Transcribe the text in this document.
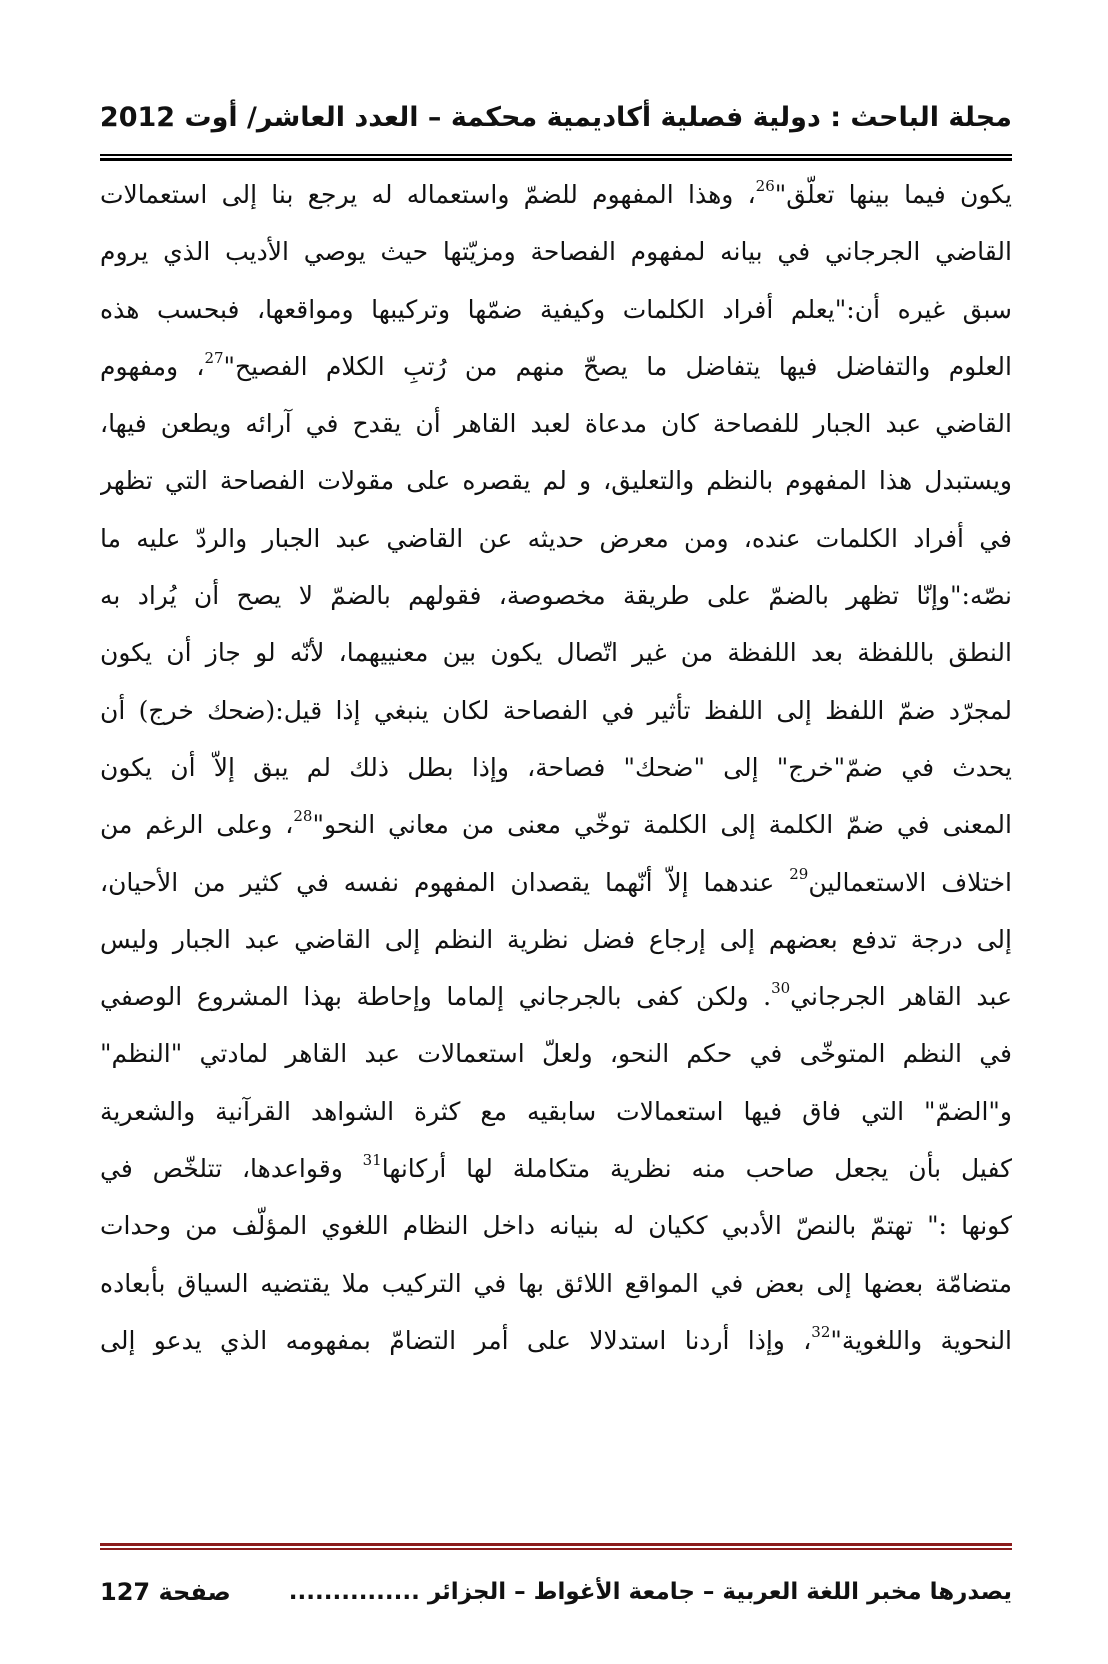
مجلة الباحث : دولية فصلية أكاديمية محكمة – العدد العاشر/ أوت 2012
يكون فيما بينها تعلّق"$^{26}$، وهذا المفهوم للضمّ واستعماله له يرجع بنا إلى استعمالات
القاضي الجرجاني في بيانه لمفهوم الفصاحة ومزيّتها حيث يوصي الأديب الذي يروم
سبق غيره أن:"يعلم أفراد الكلمات وكيفية ضمّها وتركيبها ومواقعها، فبحسب هذه
العلوم والتفاضل فيها يتفاضل ما يصحّ منهم من رُتبِ الكلام الفصيح"$^{27}$، ومفهوم
القاضي عبد الجبار للفصاحة كان مدعاة لعبد القاهر أن يقدح في آرائه ويطعن فيها،
ويستبدل هذا المفهوم بالنظم والتعليق، و لم يقصره على مقولات الفصاحة التي تظهر
في أفراد الكلمات عنده، ومن معرض حديثه عن القاضي عبد الجبار والردّ عليه ما
نصّه:"وإنّا تظهر بالضمّ على طريقة مخصوصة، فقولهم بالضمّ لا يصح أن يُراد به
النطق باللفظة بعد اللفظة من غير اتّصال يكون بين معنييهما، لأنّه لو جاز أن يكون
لمجرّد ضمّ اللفظ إلى اللفظ تأثير في الفصاحة لكان ينبغي إذا قيل:(ضحك خرج) أن
يحدث في ضمّ"خرج" إلى "ضحك" فصاحة، وإذا بطل ذلك لم يبق إلاّ أن يكون
المعنى في ضمّ الكلمة إلى الكلمة توخّي معنى من معاني النحو"$^{28}$، وعلى الرغم من
اختلاف الاستعمالين$^{29}$ عندهما إلاّ أنّهما يقصدان المفهوم نفسه في كثير من الأحيان،
إلى درجة تدفع بعضهم إلى إرجاع فضل نظرية النظم إلى القاضي عبد الجبار وليس
عبد القاهر الجرجاني$^{30}$. ولكن كفى بالجرجاني إلماما وإحاطة بهذا المشروع الوصفي
في النظم المتوخّى في حكم النحو، ولعلّ استعمالات عبد القاهر لمادتي "النظم"
و"الضمّ" التي فاق فيها استعمالات سابقيه مع كثرة الشواهد القرآنية والشعرية
كفيل بأن يجعل صاحب منه نظرية متكاملة لها أركانها$^{31}$ وقواعدها، تتلخّص في
كونها :" تهتمّ بالنصّ الأدبي ككيان له بنيانه داخل النظام اللغوي المؤلّف من وحدات
متضامّة بعضها إلى بعض في المواقع اللائق بها في التركيب ملا يقتضيه السياق بأبعاده
النحوية واللغوية"$^{32}$، وإذا أردنا استدلالا على أمر التضامّ بمفهومه الذي يدعو إلى
يصدرها مخبر اللغة العربية – جامعة الأغواط – الجزائر ...............
صفحة 127
